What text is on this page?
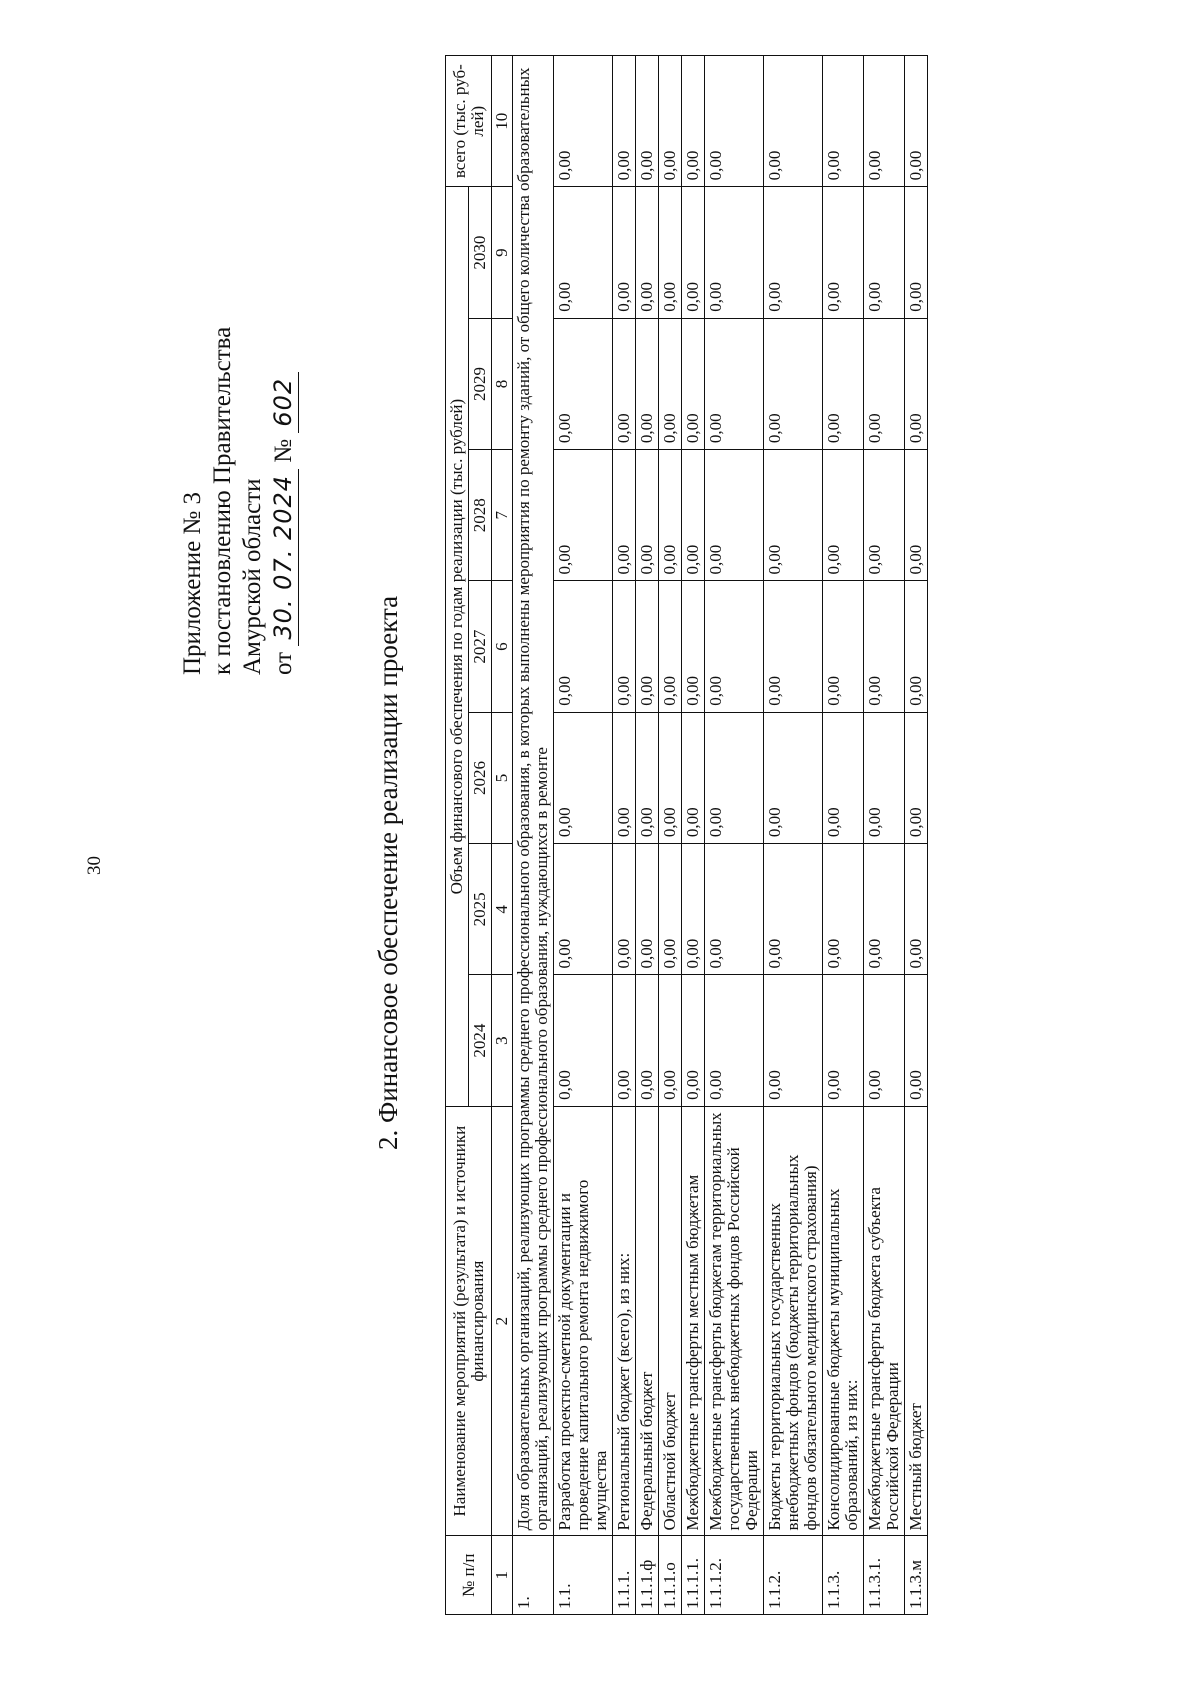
30
Приложение № 3 к постановлению Правительства Амурской области от 30. 07. 2024 № 602
2. Финансовое обеспечение реализации проекта
№ п/п	Наименование мероприятий (результата) и источники финансирования	Объем финансового обеспечения по годам реализации (тыс. рублей)							всего (тыс. руб-лей)
		2024	2025	2026	2027	2028	2029	2030	
1	2	3	4	5	6	7	8	9	10
1.	Доля образовательных организаций, реализующих программы среднего профессионального образования, в которых выполнены мероприятия по ремонту зданий, от общего количества образовательных организаций, реализующих программы среднего профессионального образования, нуждающихся в ремонте								
1.1.	Разработка проектно-сметной документации и проведение капитального ремонта недвижимого имущества	0,00	0,00	0,00	0,00	0,00	0,00	0,00	0,00
1.1.1.	Региональный бюджет (всего), из них:	0,00	0,00	0,00	0,00	0,00	0,00	0,00	0,00
1.1.1.ф	Федеральный бюджет	0,00	0,00	0,00	0,00	0,00	0,00	0,00	0,00
1.1.1.о	Областной бюджет	0,00	0,00	0,00	0,00	0,00	0,00	0,00	0,00
1.1.1.1.	Межбюджетные трансферты местным бюджетам	0,00	0,00	0,00	0,00	0,00	0,00	0,00	0,00
1.1.1.2.	Межбюджетные трансферты бюджетам территориальных государственных внебюджетных фондов Российской Федерации	0,00	0,00	0,00	0,00	0,00	0,00	0,00	0,00
1.1.2.	Бюджеты территориальных государственных внебюджетных фондов (бюджеты территориальных фондов обязательного медицинского страхования)	0,00	0,00	0,00	0,00	0,00	0,00	0,00	0,00
1.1.3.	Консолидированные бюджеты муниципальных образований, из них:	0,00	0,00	0,00	0,00	0,00	0,00	0,00	0,00
1.1.3.1.	Межбюджетные трансферты бюджета субъекта Российской Федерации	0,00	0,00	0,00	0,00	0,00	0,00	0,00	0,00
1.1.3.м	Местный бюджет	0,00	0,00	0,00	0,00	0,00	0,00	0,00	0,00
